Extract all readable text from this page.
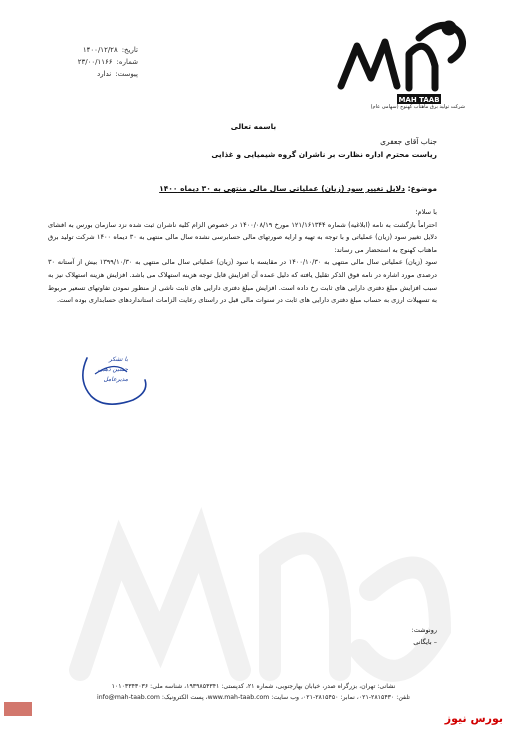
تاریخ:
۱۴۰۰/۱۲/۲۸
شماره:
۲۳/۰۰/۱۱۶۶
پیوست:
ندارد
MAH TAAB
شرکت تولید برق ماهتاب کهنوج (سهامی عام)
باسمه تعالی
جناب آقای جعفری
ریاست محترم اداره نظارت بر ناشران گروه شیمیایی و غذایی
موضوع: دلایل تغییر سود (زیان) عملیاتی سال مالی منتهی به ۳۰ دیماه ۱۴۰۰

با سلام؛

احتراماً بازگشت به نامه (ابلاغیه) شماره ۱۲۱/۱۶۱۳۴۴ مورخ ۱۴۰۰/۰۸/۱۹ در خصوص الزام کلیه ناشران ثبت شده نزد سازمان بورس به افشای دلایل تغییر سود (زیان) عملیاتی و با توجه به تهیه و ارایه صورتهای مالی حسابرسی نشده سال مالی منتهی به ۳۰ دیماه ۱۴۰۰ شرکت تولید برق ماهتاب کهنوج به استحضار می رساند:

سود (زیان) عملیاتی سال مالی منتهی به ۱۴۰۰/۱۰/۳۰ در مقایسه با سود (زیان) عملیاتی سال مالی منتهی به ۱۳۹۹/۱۰/۳۰ بیش از آستانه ۳۰ درصدی مورد اشاره در نامه فوق الذکر تقلیل یافته که دلیل عمده آن افزایش قابل توجه هزینه استهلاک می باشد. افزایش هزینه استهلاک نیز به سبب افزایش مبلغ دفتری دارایی های ثابت رخ داده است. افزایش مبلغ دفتری دارایی های ثابت ناشی از منظور نمودن تفاوتهای تسعیر مربوط به تسهیلات ارزی به حساب مبلغ دفتری دارایی های ثابت در سنوات مالی قبل در راستای رعایت الزامات استانداردهای حسابداری بوده است.

با تشکر
حسین ذهبی
مدیرعامل
رونوشت:
– بایگانی
نشانی: تهران، بزرگراه صدر، خیابان بهارجنوبی، شماره ۲۱، کدپستی: ۱۹۳۹۸۵۴۳۴۱، شناسه ملی: ۱۰۱۰۳۳۴۳۰۳۶
تلفن: ۲۸۱۵۴۳۰-۰۲۱، نمابر: ۲۸۱۵۴۵۰-۰۲۱، وب سایت: www.mah-taab.com، پست الکترونیک: info@mah-taab.com
بورس نیوز
